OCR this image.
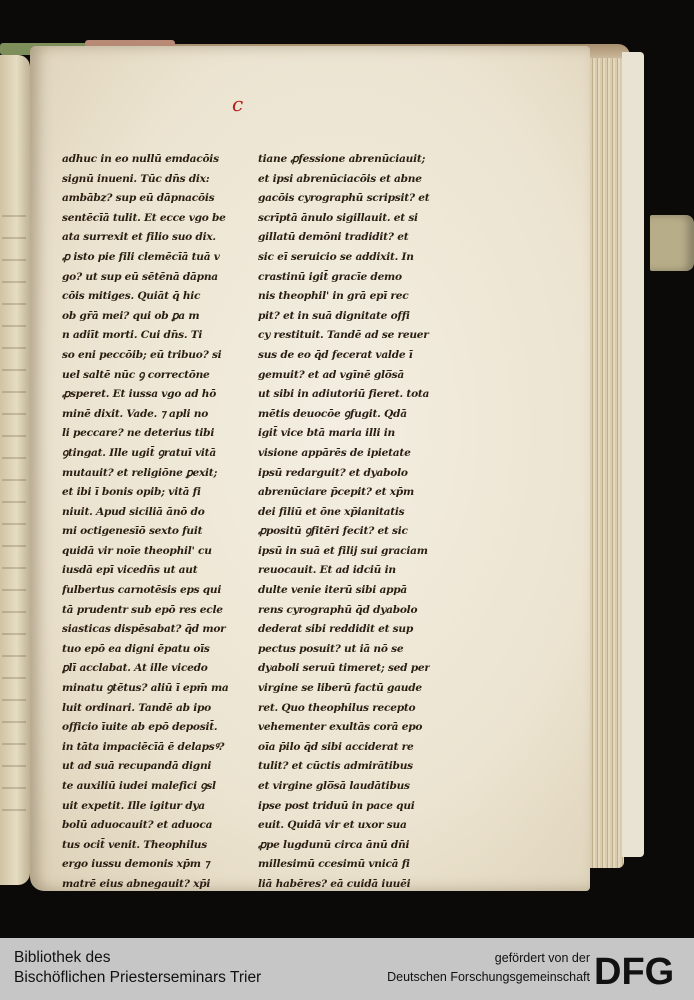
c
adhuc in eo nullū emdacōis
signū inueni. Tūc dn̄s dix:
ambābz? sup eū dāpnacōis
sentēcīā tulit. Et ecce vgo be
ata surrexit et filio suo dix.
ꝓ isto pie fili clemēcīā tuā v
go? ut sup eū sētēnā dāpna
cōis mitiges. Quiāt q̄ hic
ob gr̄ā mei? qui ob ꝑa m
n adiīt morti. Cui dn̄s. Ti
so eni peccōib; eū tribuo? si
uel saltē nūc ꝯ correctōne
ꝓsperet. Et iussa vgo ad hō
minē dixit. Vade. ⁊ apli no
li peccare? ne deterius tibi
ꝯtingat. Ille ugit̄ ꝯratuī vitā
mutauit? et religiōne ꝑexit;
et ibi ī bonis opib; vitā fi
niuit. Apud siciliā ānō do
mi octigenesīō sexto fuit
quidā vir noīe theophil' cu
iusdā epī vicedn̄s ut aut
fulbertus carnotēsis eps qui
tā prudentr sub epō res ecle
siasticas dispēsabat? q̄d mor
tuo epō ea digni ēpatu oīs
ꝑlī acclabat. At ille vicedo
minatu ꝯtētus? aliū ī epm̄ ma
luit ordinari. Tandē ab ipo
officio īuite ab epō deposit̄.
in tāta impaciēcīā ē delapsꝰ?
ut ad suā recupandā digni
te auxiliū iudei malefici ꝯsl
uit expetit. Ille igitur dya
bolū aduocauit? et aduoca
tus ocit̄ venit. Theophilus
ergo iussu demonis xp̄m ⁊
matrē eius abnegauit? xp̄i
tiane ꝓfessione abrenūciauit;
et ipsi abrenūciacōis et abne
gacōis cyrographū scripsit? et
scrīptā ānulo sigillauit. et si
gillatū demōni tradidit? et
sic eī seruicio se addixit. In
crastinū igit̄ gracīe demo
nis theophil' in grā epī rec
pit? et in suā dignitate offi
cy restituit. Tandē ad se reuer
sus de eo q̄d fecerat valde ī
gemuit? et ad vgīnē glo̅sā
ut sibi in adiutoriū fieret. tota
mētis deuocōe ꝯfugit. Qdā
igit̄ vice btā maria illi in
visione appārēs de ipietate
ipsū redarguit? et dyabolo
abrenūciare p̄cepit? et xp̄m
dei filiū et ōne xp̄ianitatis
ꝓpositū ꝯfitēri fecit? et sic
ipsū in suā et filij sui graciam
reuocauit. Et ad idciū in
dulte venie iterū sibi appā
rens cyrographū q̄d dyabolo
dederat sibi reddidit et sup
pectus posuit? ut iā nō se
dyaboli seruū timeret; sed per
virgine se liberū factū gaude
ret. Quo theophilus recepto
vehementer exultās corā epo
oīa p̄ilo q̄d sibi acciderat re
tulit? et cūctis admirātibus
et virgine glo̅sā laudātibus
ipse post triduū in pace qui
euit. Quidā vir et uxor sua
ꝓpe lugdunū circa ānū dn̄i
millesimū ccesimū vnicā fi
liā habēres? eā cuidā iuuēi
Bibliothek des
Bischöflichen Priesterseminars Trier
gefördert von der
Deutschen Forschungsgemeinschaft DFG
